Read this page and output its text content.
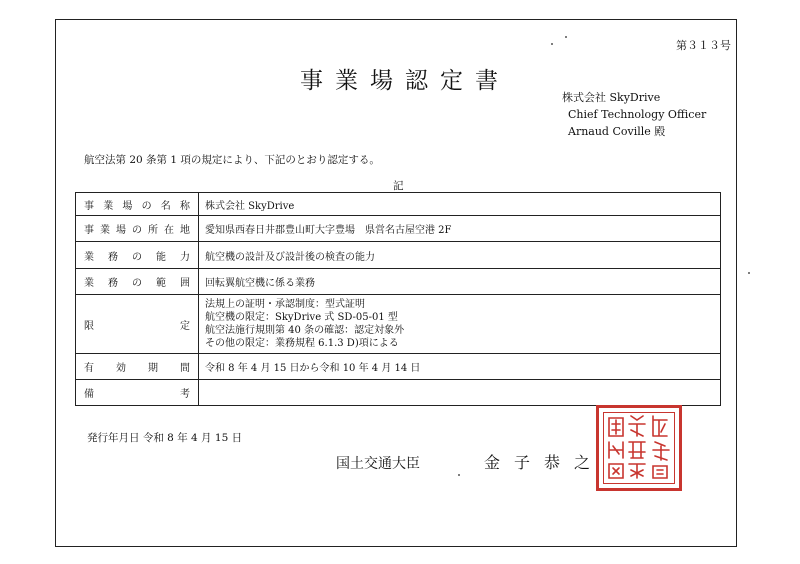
第３１３号
事業場認定書
株式会社 SkyDrive
Chief Technology Officer
Arnaud Coville 殿
航空法第 20 条第 1 項の規定により、下記のとおり認定する。
記
事業場の名称	株式会社 SkyDrive
事業場の所在地	愛知県西春日井郡豊山町大字豊場　県営名古屋空港 2F
業務の能力	航空機の設計及び設計後の検査の能力
業務の範囲	回転翼航空機に係る業務
限定	法規上の証明・承認制度：型式証明
航空機の限定：SkyDrive 式 SD-05-01 型
航空法施行規則第 40 条の確認：認定対象外
その他の限定：業務規程 6.1.3 D)項による

有効期間	令和 8 年 4 月 15 日から令和 10 年 4 月 14 日
備考	
発行年月日 令和 8 年 4 月 15 日
国土交通大臣	金子恭之
